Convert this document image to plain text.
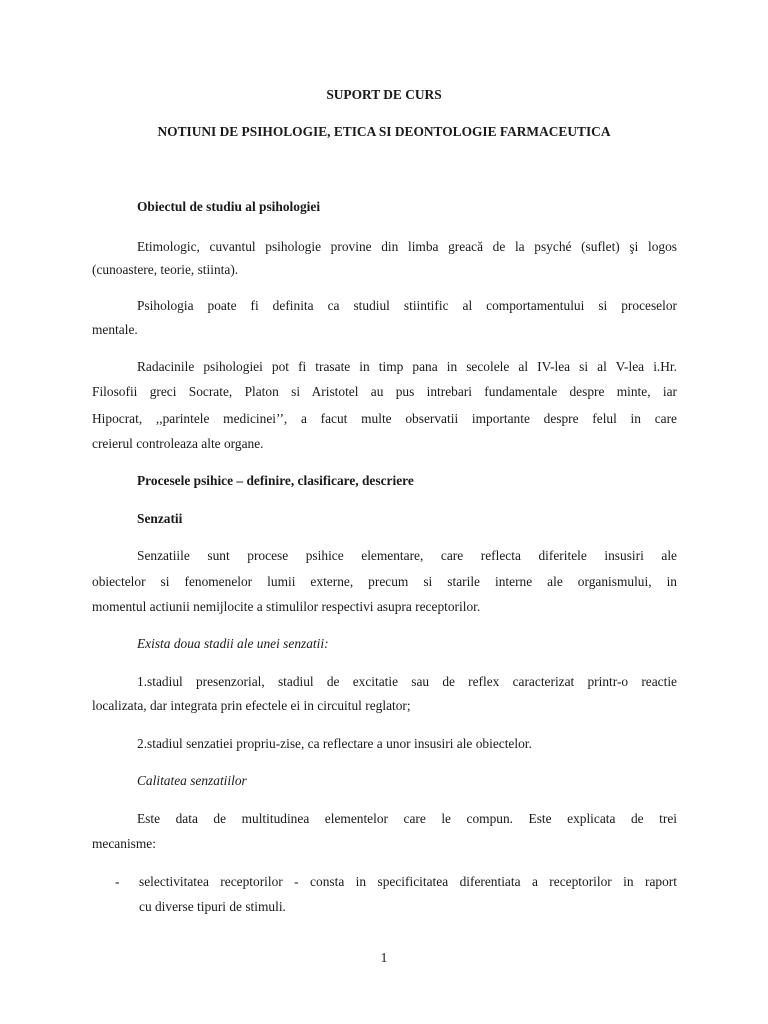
SUPORT DE CURS
NOTIUNI DE PSIHOLOGIE, ETICA SI DEONTOLOGIE FARMACEUTICA
Obiectul de studiu al psihologiei
Etimologic, cuvantul psihologie provine din limba greacă de la psyché (suflet) şi logos
(cunoastere, teorie, stiinta).
Psihologia poate fi definita ca studiul stiintific al comportamentului si proceselor
mentale.
Radacinile psihologiei pot fi trasate in timp pana in secolele al IV-lea si al V-lea i.Hr.
Filosofii greci Socrate, Platon si Aristotel au pus intrebari fundamentale despre minte, iar
Hipocrat, ,,parintele medicinei’’, a facut multe observatii importante despre felul in care
creierul controleaza alte organe.
Procesele psihice – definire, clasificare, descriere
Senzatii
Senzatiile sunt procese psihice elementare, care reflecta diferitele insusiri ale
obiectelor si fenomenelor lumii externe, precum si starile interne ale organismului, in
momentul actiunii nemijlocite a stimulilor respectivi asupra receptorilor.
Exista doua stadii ale unei senzatii:
1.stadiul presenzorial, stadiul de excitatie sau de reflex caracterizat printr-o reactie
localizata, dar integrata prin efectele ei in circuitul reglator;
2.stadiul senzatiei propriu-zise, ca reflectare a unor insusiri ale obiectelor.
Calitatea senzatiilor
Este data de multitudinea elementelor care le compun. Este explicata de trei
mecanisme:
- selectivitatea receptorilor - consta in specificitatea diferentiata a receptorilor in raport
cu diverse tipuri de stimuli.
1
